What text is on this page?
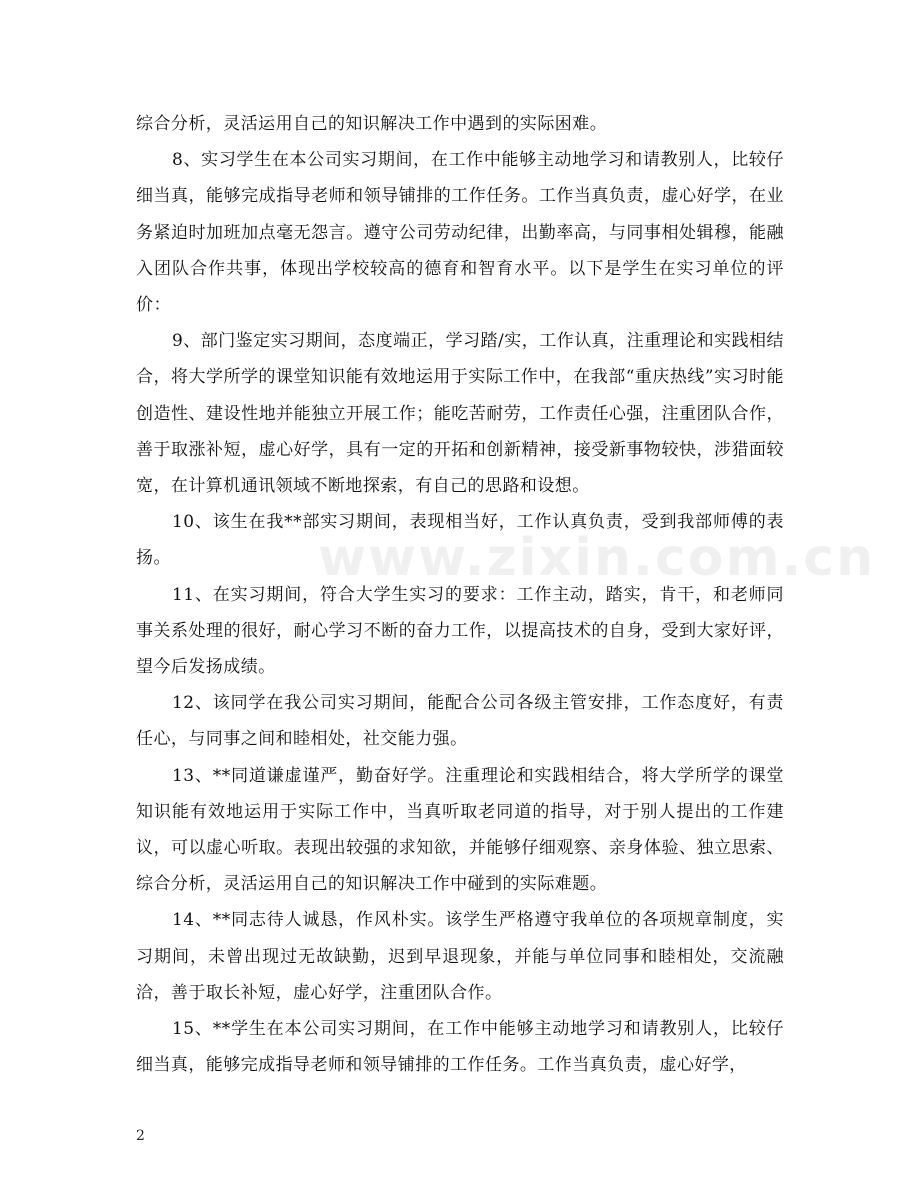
综合分析，灵活运用自己的知识解决工作中遇到的实际困难。

8、实习学生在本公司实习期间，在工作中能够主动地学习和请教别人，比较仔细当真，能够完成指导老师和领导铺排的工作任务。工作当真负责，虚心好学，在业务紧迫时加班加点毫无怨言。遵守公司劳动纪律，出勤率高，与同事相处辑穆，能融入团队合作共事，体现出学校较高的德育和智育水平。以下是学生在实习单位的评价：

9、部门鉴定实习期间，态度端正，学习踏/实，工作认真，注重理论和实践相结合，将大学所学的课堂知识能有效地运用于实际工作中，在我部“重庆热线”实习时能创造性、建设性地并能独立开展工作；能吃苦耐劳，工作责任心强，注重团队合作，善于取涨补短，虚心好学，具有一定的开拓和创新精神，接受新事物较快，涉猎面较宽，在计算机通讯领域不断地探索，有自己的思路和设想。

10、该生在我**部实习期间，表现相当好，工作认真负责，受到我部师傅的表扬。

11、在实习期间，符合大学生实习的要求：工作主动，踏实，肯干，和老师同事关系处理的很好，耐心学习不断的奋力工作，以提高技术的自身，受到大家好评，望今后发扬成绩。

12、该同学在我公司实习期间，能配合公司各级主管安排，工作态度好，有责任心，与同事之间和睦相处，社交能力强。

13、**同道谦虚谨严，勤奋好学。注重理论和实践相结合，将大学所学的课堂知识能有效地运用于实际工作中，当真听取老同道的指导，对于别人提出的工作建议，可以虚心听取。表现出较强的求知欲，并能够仔细观察、亲身体验、独立思索、综合分析，灵活运用自己的知识解决工作中碰到的实际难题。

14、**同志待人诚恳，作风朴实。该学生严格遵守我单位的各项规章制度，实习期间，未曾出现过无故缺勤，迟到早退现象，并能与单位同事和睦相处，交流融洽，善于取长补短，虚心好学，注重团队合作。

15、**学生在本公司实习期间，在工作中能够主动地学习和请教别人，比较仔细当真，能够完成指导老师和领导铺排的工作任务。工作当真负责，虚心好学，

www.zixin.com.cn
2
